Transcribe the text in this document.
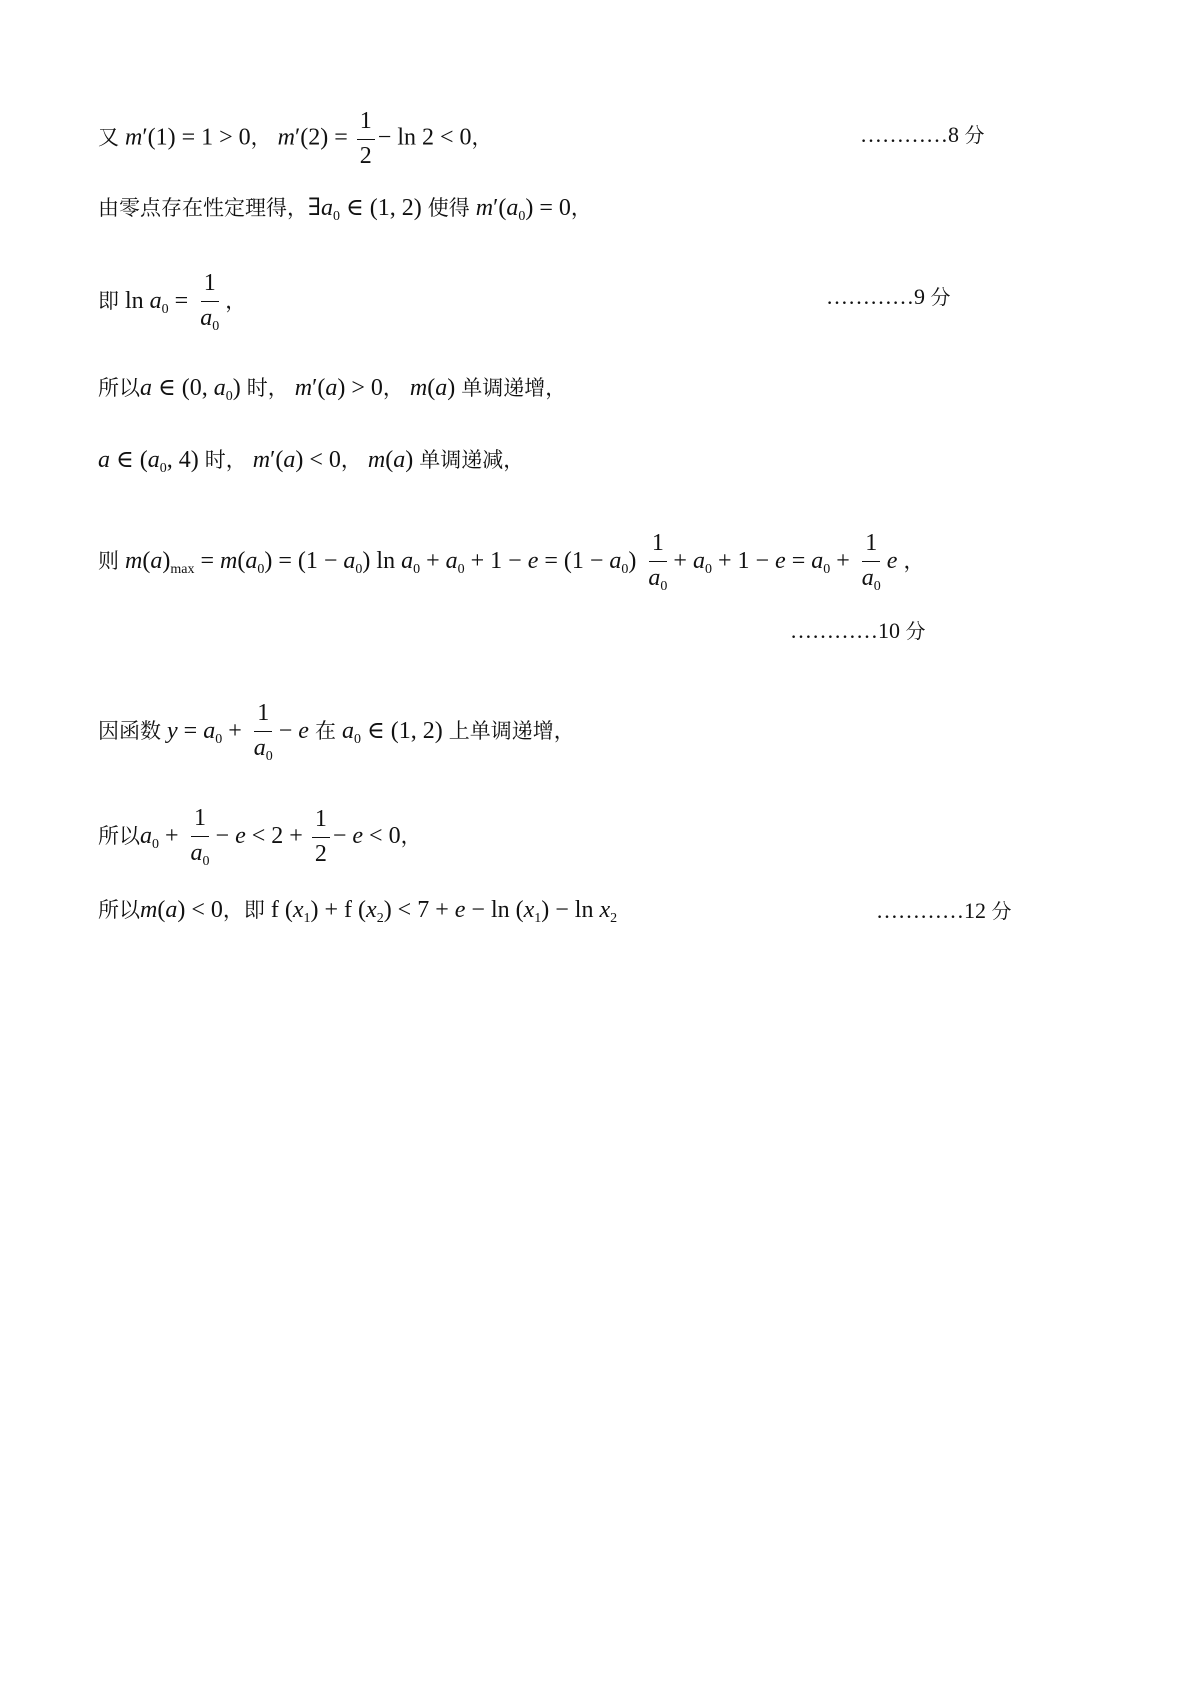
又 m′(1) = 1 > 0， $m'(2) = \frac{1}{2} - \ln 2 < 0$，	…………8 分
由零点存在性定理得，$\exists a_0$ ∈ (1, 2) 使得 $m'(a_0) = 0$，
即 $\ln a_0 = \frac{1}{a_0}$ ，	…………9 分
所以a ∈ (0, $a_0$) 时， m′(a) > 0， m(a) 单调递增，
a ∈ ($a_0$, 4) 时， m′(a) < 0， m(a) 单调递减，
则 $m(a)_{max} = m(a_0) = (1 - a_0)$ $\ln a_0 + a_0 + 1 - e = (1 - a_0) \frac{1}{a_0} + a_0 + 1 - e = a_0 + \frac{1}{a_0}$ e ，
…………10 分
因函数 $y = a_0 + \frac{1}{a_0} - e$ 在 $a_0$ ∈ (1, 2) 上单调递增，
所以$a_0 + \frac{1}{a_0} - e < 2 + \frac{1}{2} - e < 0$，
所以m(a) < 0，即 f $(x_1) + f$ $(x_2) < 7 + e - \ln (x_1) - \ln x_2$	…………12 分
